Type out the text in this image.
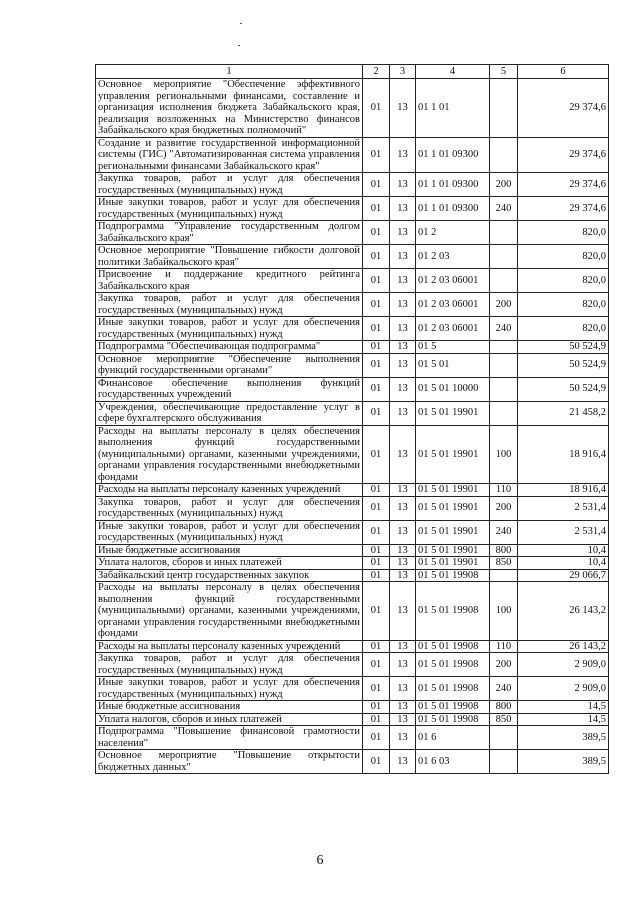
1	2	3	4	5	6
Основное мероприятие "Обеспечение эффективного управления региональными финансами, составление и организация исполнения бюджета Забайкальского края, реализация возложенных на Министерство финансов Забайкальского края бюджетных полномочий"	01	13	01 1 01		29 374,6
Создание и развитие государственной информационной системы (ГИС) "Автоматизированная система управления региональными финансами Забайкальского края"	01	13	01 1 01 09300		29 374,6
Закупка товаров, работ и услуг для обеспечения государственных (муниципальных) нужд	01	13	01 1 01 09300	200	29 374,6
Иные закупки товаров, работ и услуг для обеспечения государственных (муниципальных) нужд	01	13	01 1 01 09300	240	29 374,6
Подпрограмма "Управление государственным долгом Забайкальского края"	01	13	01 2		820,0
Основное мероприятие "Повышение гибкости долговой политики Забайкальского края"	01	13	01 2 03		820,0
Присвоение и поддержание кредитного рейтинга Забайкальского края	01	13	01 2 03 06001		820,0
Закупка товаров, работ и услуг для обеспечения государственных (муниципальных) нужд	01	13	01 2 03 06001	200	820,0
Иные закупки товаров, работ и услуг для обеспечения государственных (муниципальных) нужд	01	13	01 2 03 06001	240	820,0
Подпрограмма "Обеспечивающая подпрограмма"	01	13	01 5		50 524,9
Основное мероприятие "Обеспечение выполнения функций государственными органами"	01	13	01 5 01		50 524,9
Финансовое обеспечение выполнения функций государственных учреждений	01	13	01 5 01 10000		50 524,9
Учреждения, обеспечивающие предоставление услуг в сфере бухгалтерского обслуживания	01	13	01 5 01 19901		21 458,2
Расходы на выплаты персоналу в целях обеспечения выполнения функций государственными (муниципальными) органами, казенными учреждениями, органами управления государственными внебюджетными фондами	01	13	01 5 01 19901	100	18 916,4
Расходы на выплаты персоналу казенных учреждений	01	13	01 5 01 19901	110	18 916,4
Закупка товаров, работ и услуг для обеспечения государственных (муниципальных) нужд	01	13	01 5 01 19901	200	2 531,4
Иные закупки товаров, работ и услуг для обеспечения государственных (муниципальных) нужд	01	13	01 5 01 19901	240	2 531,4
Иные бюджетные ассигнования	01	13	01 5 01 19901	800	10,4
Уплата налогов, сборов и иных платежей	01	13	01 5 01 19901	850	10,4
Забайкальский центр государственных закупок	01	13	01 5 01 19908		29 066,7
Расходы на выплаты персоналу в целях обеспечения выполнения функций государственными (муниципальными) органами, казенными учреждениями, органами управления государственными внебюджетными фондами	01	13	01 5 01 19908	100	26 143,2
Расходы на выплаты персоналу казенных учреждений	01	13	01 5 01 19908	110	26 143,2
Закупка товаров, работ и услуг для обеспечения государственных (муниципальных) нужд	01	13	01 5 01 19908	200	2 909,0
Иные закупки товаров, работ и услуг для обеспечения государственных (муниципальных) нужд	01	13	01 5 01 19908	240	2 909,0
Иные бюджетные ассигнования	01	13	01 5 01 19908	800	14,5
Уплата налогов, сборов и иных платежей	01	13	01 5 01 19908	850	14,5
Подпрограмма "Повышение финансовой грамотности населения"	01	13	01 6		389,5
Основное мероприятие "Повышение открытости бюджетных данных"	01	13	01 6 03		389,5
6
